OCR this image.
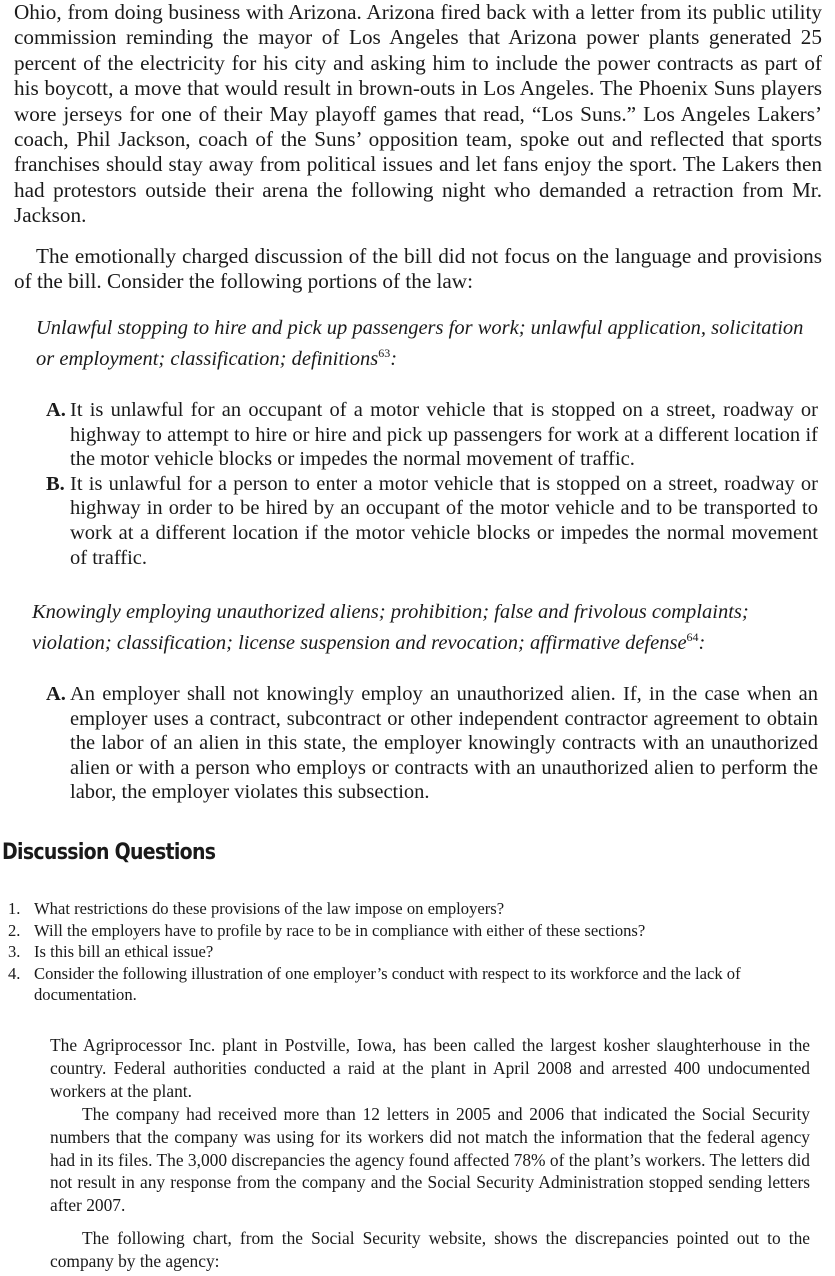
Ohio, from doing business with Arizona. Arizona fired back with a letter from its public utility commission reminding the mayor of Los Angeles that Arizona power plants generated 25 percent of the electricity for his city and asking him to include the power contracts as part of his boycott, a move that would result in brown-outs in Los Angeles. The Phoenix Suns players wore jerseys for one of their May playoff games that read, “Los Suns.” Los Angeles Lakers’ coach, Phil Jackson, coach of the Suns’ opposition team, spoke out and reflected that sports franchises should stay away from political issues and let fans enjoy the sport. The Lakers then had protestors outside their arena the following night who demanded a retraction from Mr. Jackson.

The emotionally charged discussion of the bill did not focus on the language and provisions of the bill. Consider the following portions of the law:

Unlawful stopping to hire and pick up passengers for work; unlawful application, solicitation or employment; classification; definitions$^{63}$:
A. It is unlawful for an occupant of a motor vehicle that is stopped on a street, roadway or highway to attempt to hire or hire and pick up passengers for work at a different location if the motor vehicle blocks or impedes the normal movement of traffic.
B. It is unlawful for a person to enter a motor vehicle that is stopped on a street, roadway or highway in order to be hired by an occupant of the motor vehicle and to be transported to work at a different location if the motor vehicle blocks or impedes the normal movement of traffic.
Knowingly employing unauthorized aliens; prohibition; false and frivolous complaints; violation; classification; license suspension and revocation; affirmative defense$^{64}$:
A. An employer shall not knowingly employ an unauthorized alien. If, in the case when an employer uses a contract, subcontract or other independent contractor agreement to obtain the labor of an alien in this state, the employer knowingly contracts with an unauthorized alien or with a person who employs or contracts with an unauthorized alien to perform the labor, the employer violates this subsection.
Discussion Questions
1. What restrictions do these provisions of the law impose on employers?
2. Will the employers have to profile by race to be in compliance with either of these sections?
3. Is this bill an ethical issue?
4. Consider the following illustration of one employer’s conduct with respect to its workforce and the lack of documentation.

The Agriprocessor Inc. plant in Postville, Iowa, has been called the largest kosher slaughterhouse in the country. Federal authorities conducted a raid at the plant in April 2008 and arrested 400 undocumented workers at the plant.

The company had received more than 12 letters in 2005 and 2006 that indicated the Social Security numbers that the company was using for its workers did not match the information that the federal agency had in its files. The 3,000 discrepancies the agency found affected 78% of the plant’s workers. The letters did not result in any response from the company and the Social Security Administration stopped sending letters after 2007.

The following chart, from the Social Security website, shows the discrepancies pointed out to the company by the agency:
